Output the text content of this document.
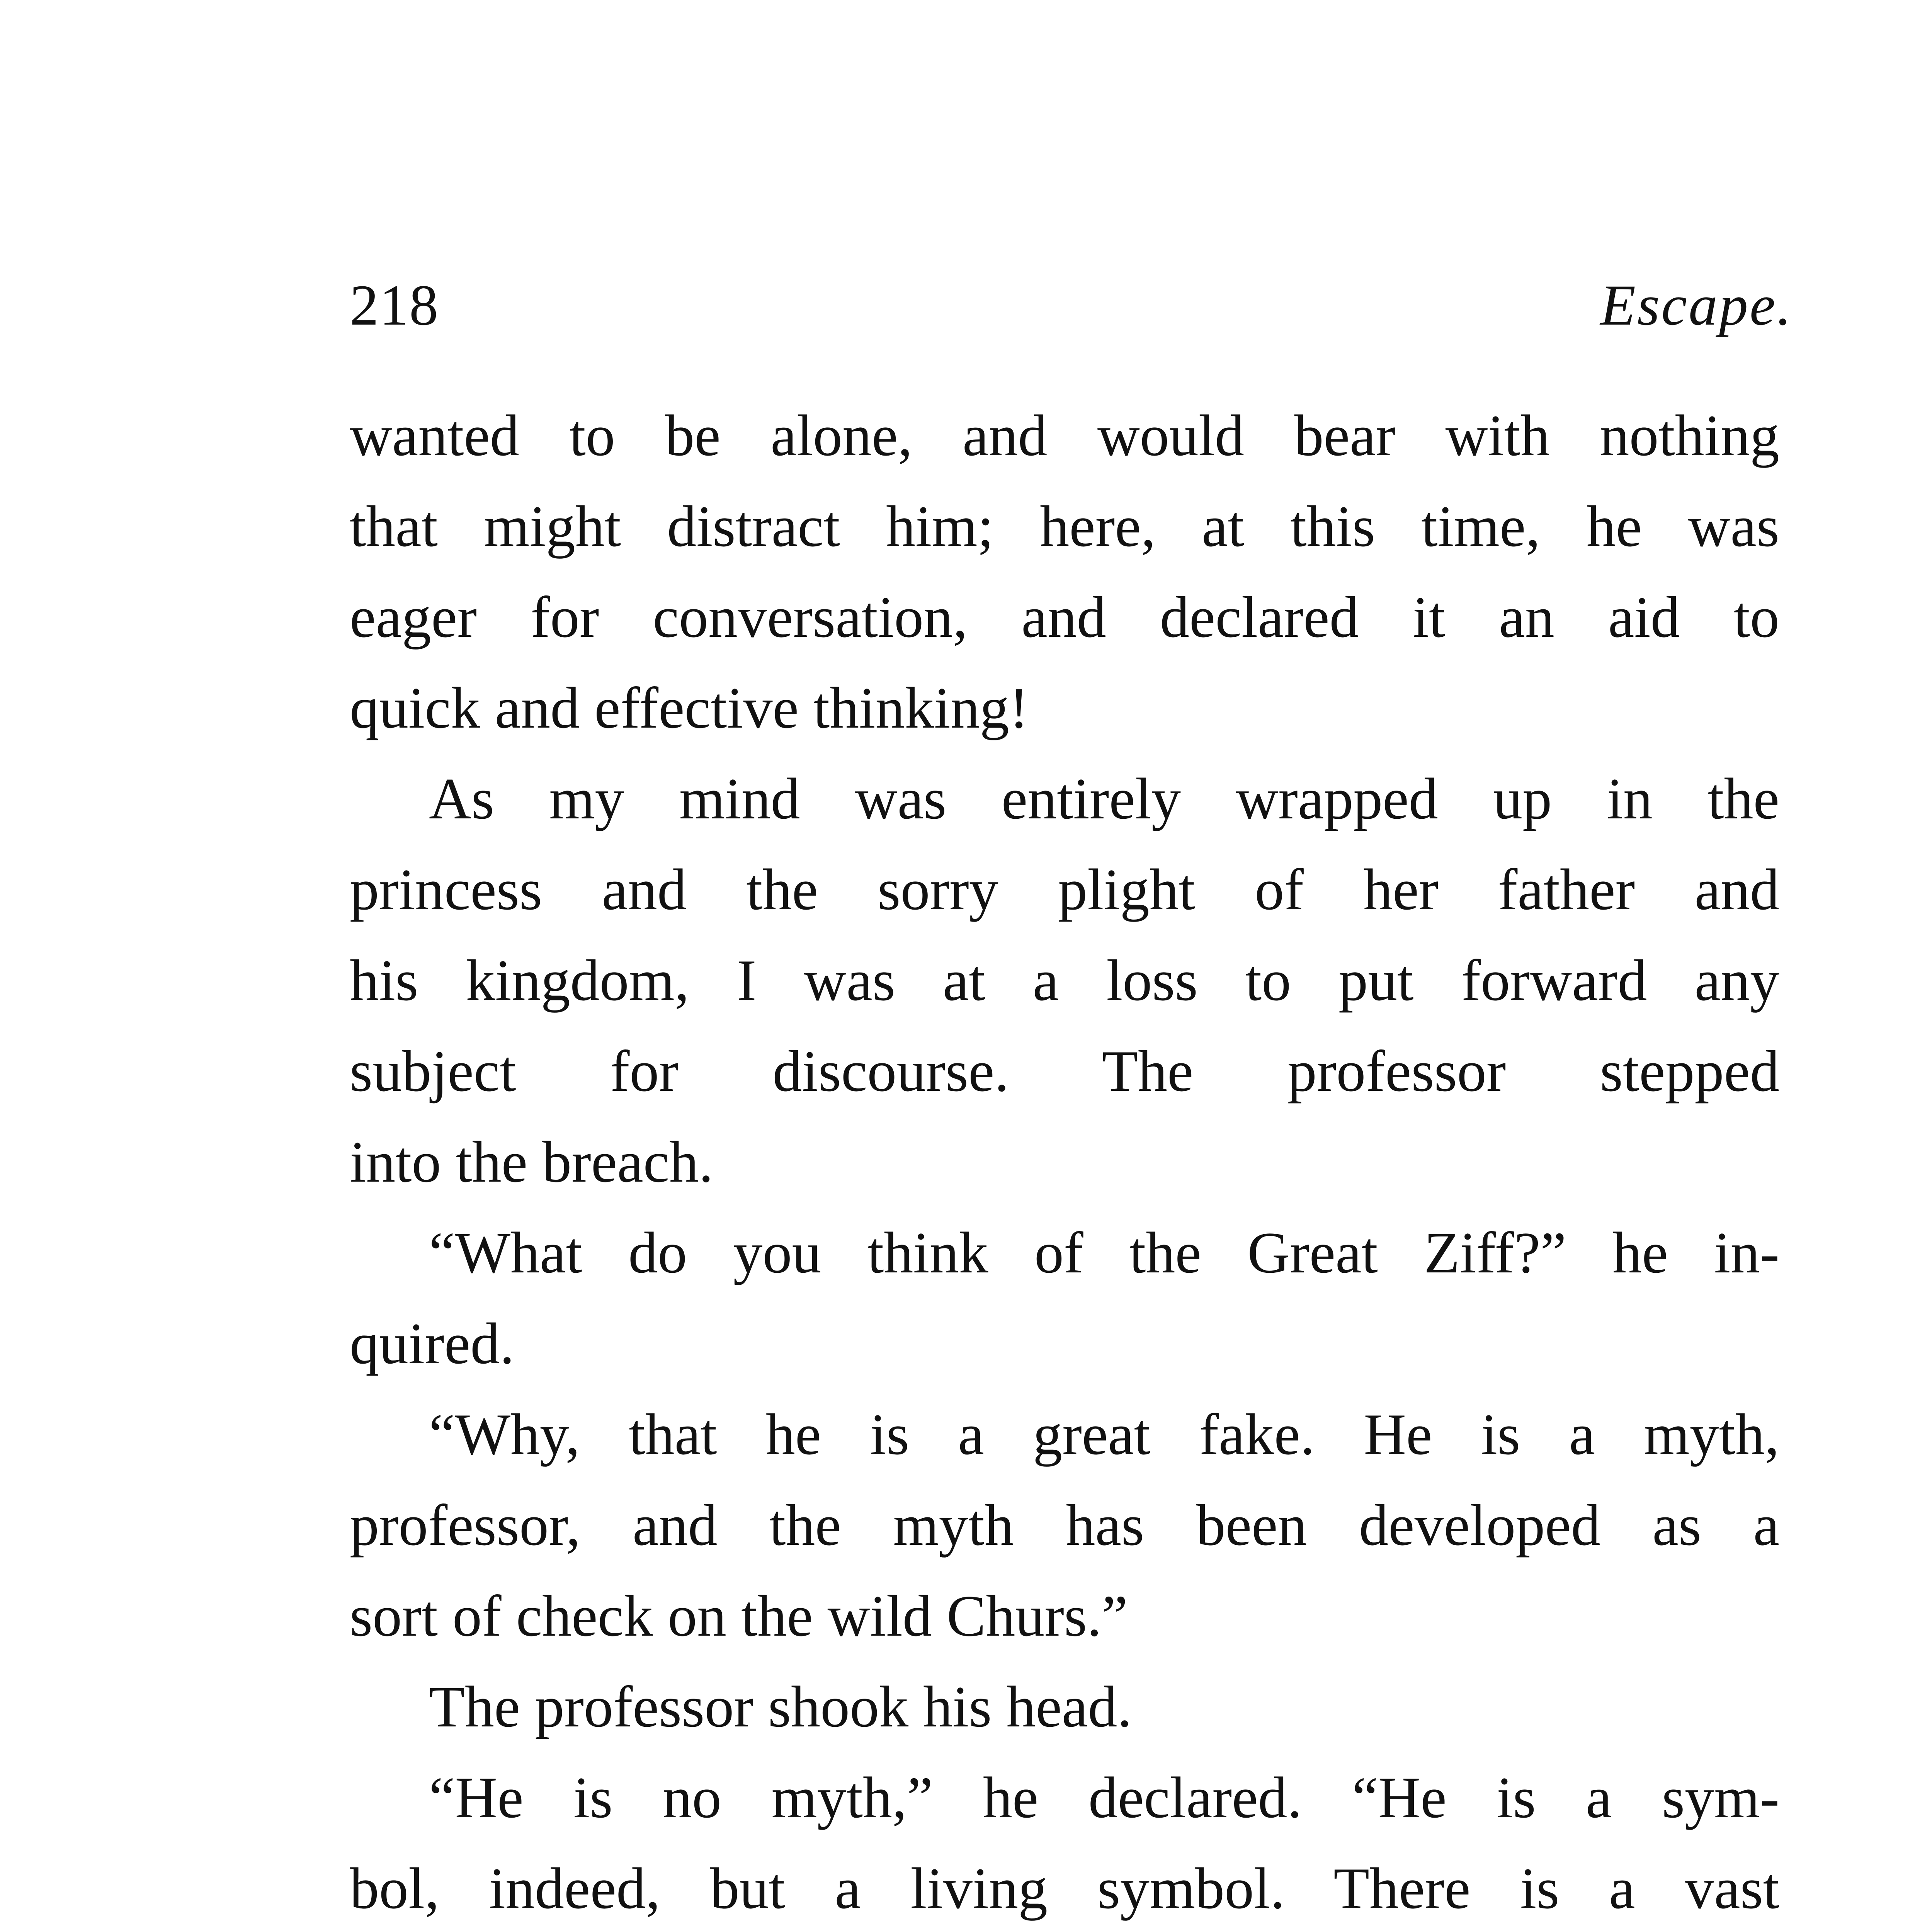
218	Escape.
wanted to be alone, and would bear with nothing
that might distract him; here, at this time, he was
eager for conversation, and declared it an aid to
quick and effective thinking!
As my mind was entirely wrapped up in the
princess and the sorry plight of her father and
his kingdom, I was at a loss to put forward any
subject for discourse. The professor stepped
into the breach.
“What do you think of the Great Ziff?” he in-
quired.
“Why, that he is a great fake. He is a myth,
professor, and the myth has been developed as a
sort of check on the wild Churs.”
The professor shook his head.
“He is no myth,” he declared. “He is a sym-
bol, indeed, but a living symbol. There is a vast
